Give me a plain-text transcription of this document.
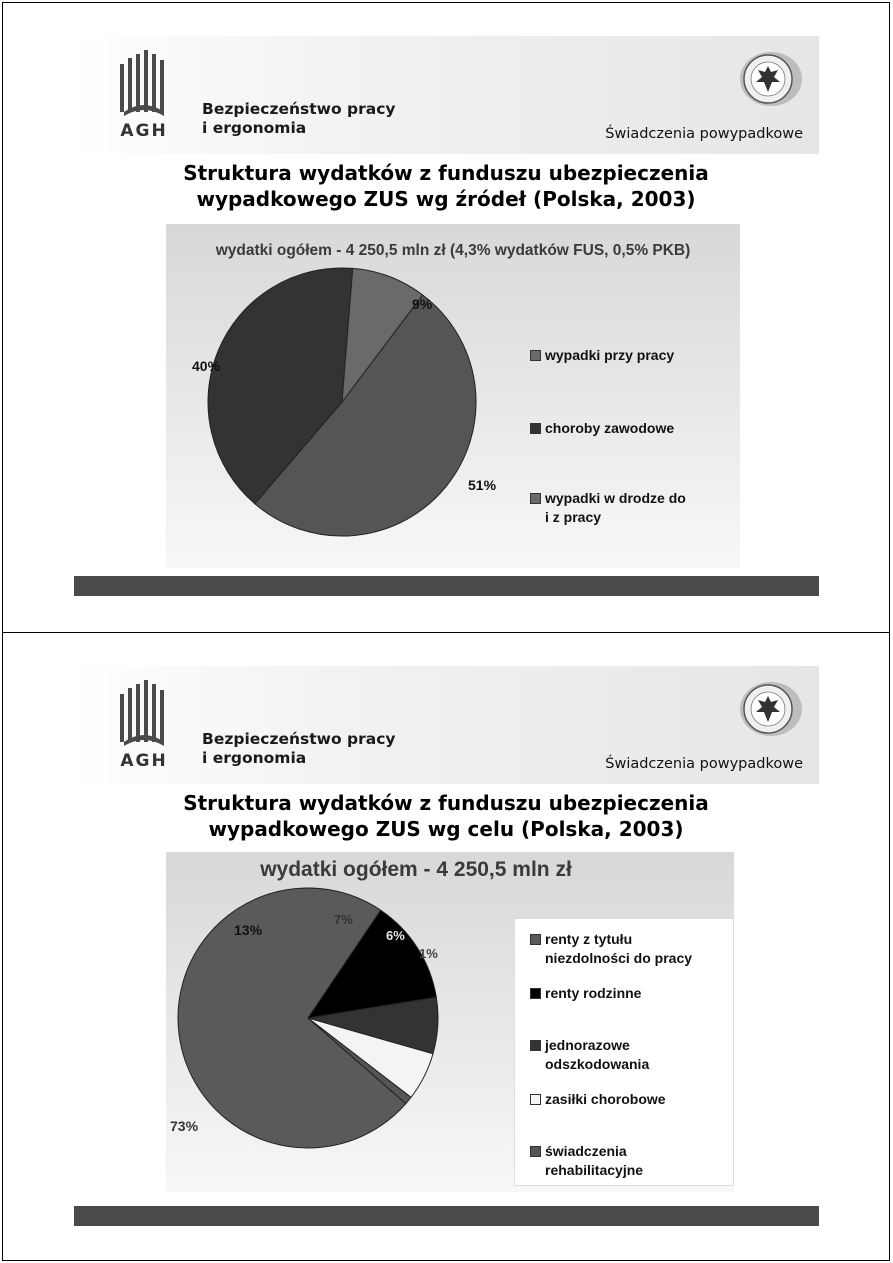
AGH
Bezpieczeństwo pracy
i ergonomia	Świadczenia powypadkowe
Struktura wydatków z funduszu ubezpieczenia
wypadkowego ZUS wg źródeł (Polska, 2003)
wydatki ogółem - 4 250,5 mln zł (4,3% wydatków FUS, 0,5% PKB)
40%
9%
51%
wypadki przy pracy
choroby zawodowe
wypadki w drodze do
i z pracy
AGH
Bezpieczeństwo pracy
i ergonomia	Świadczenia powypadkowe
Struktura wydatków z funduszu ubezpieczenia
wypadkowego ZUS wg celu (Polska, 2003)
wydatki ogółem - 4 250,5 mln zł
13%
7%
6%
1%
73%
renty z tytułu
niezdolności do pracy
renty rodzinne
jednorazowe
odszkodowania
zasiłki chorobowe
świadczenia
rehabilitacyjne
